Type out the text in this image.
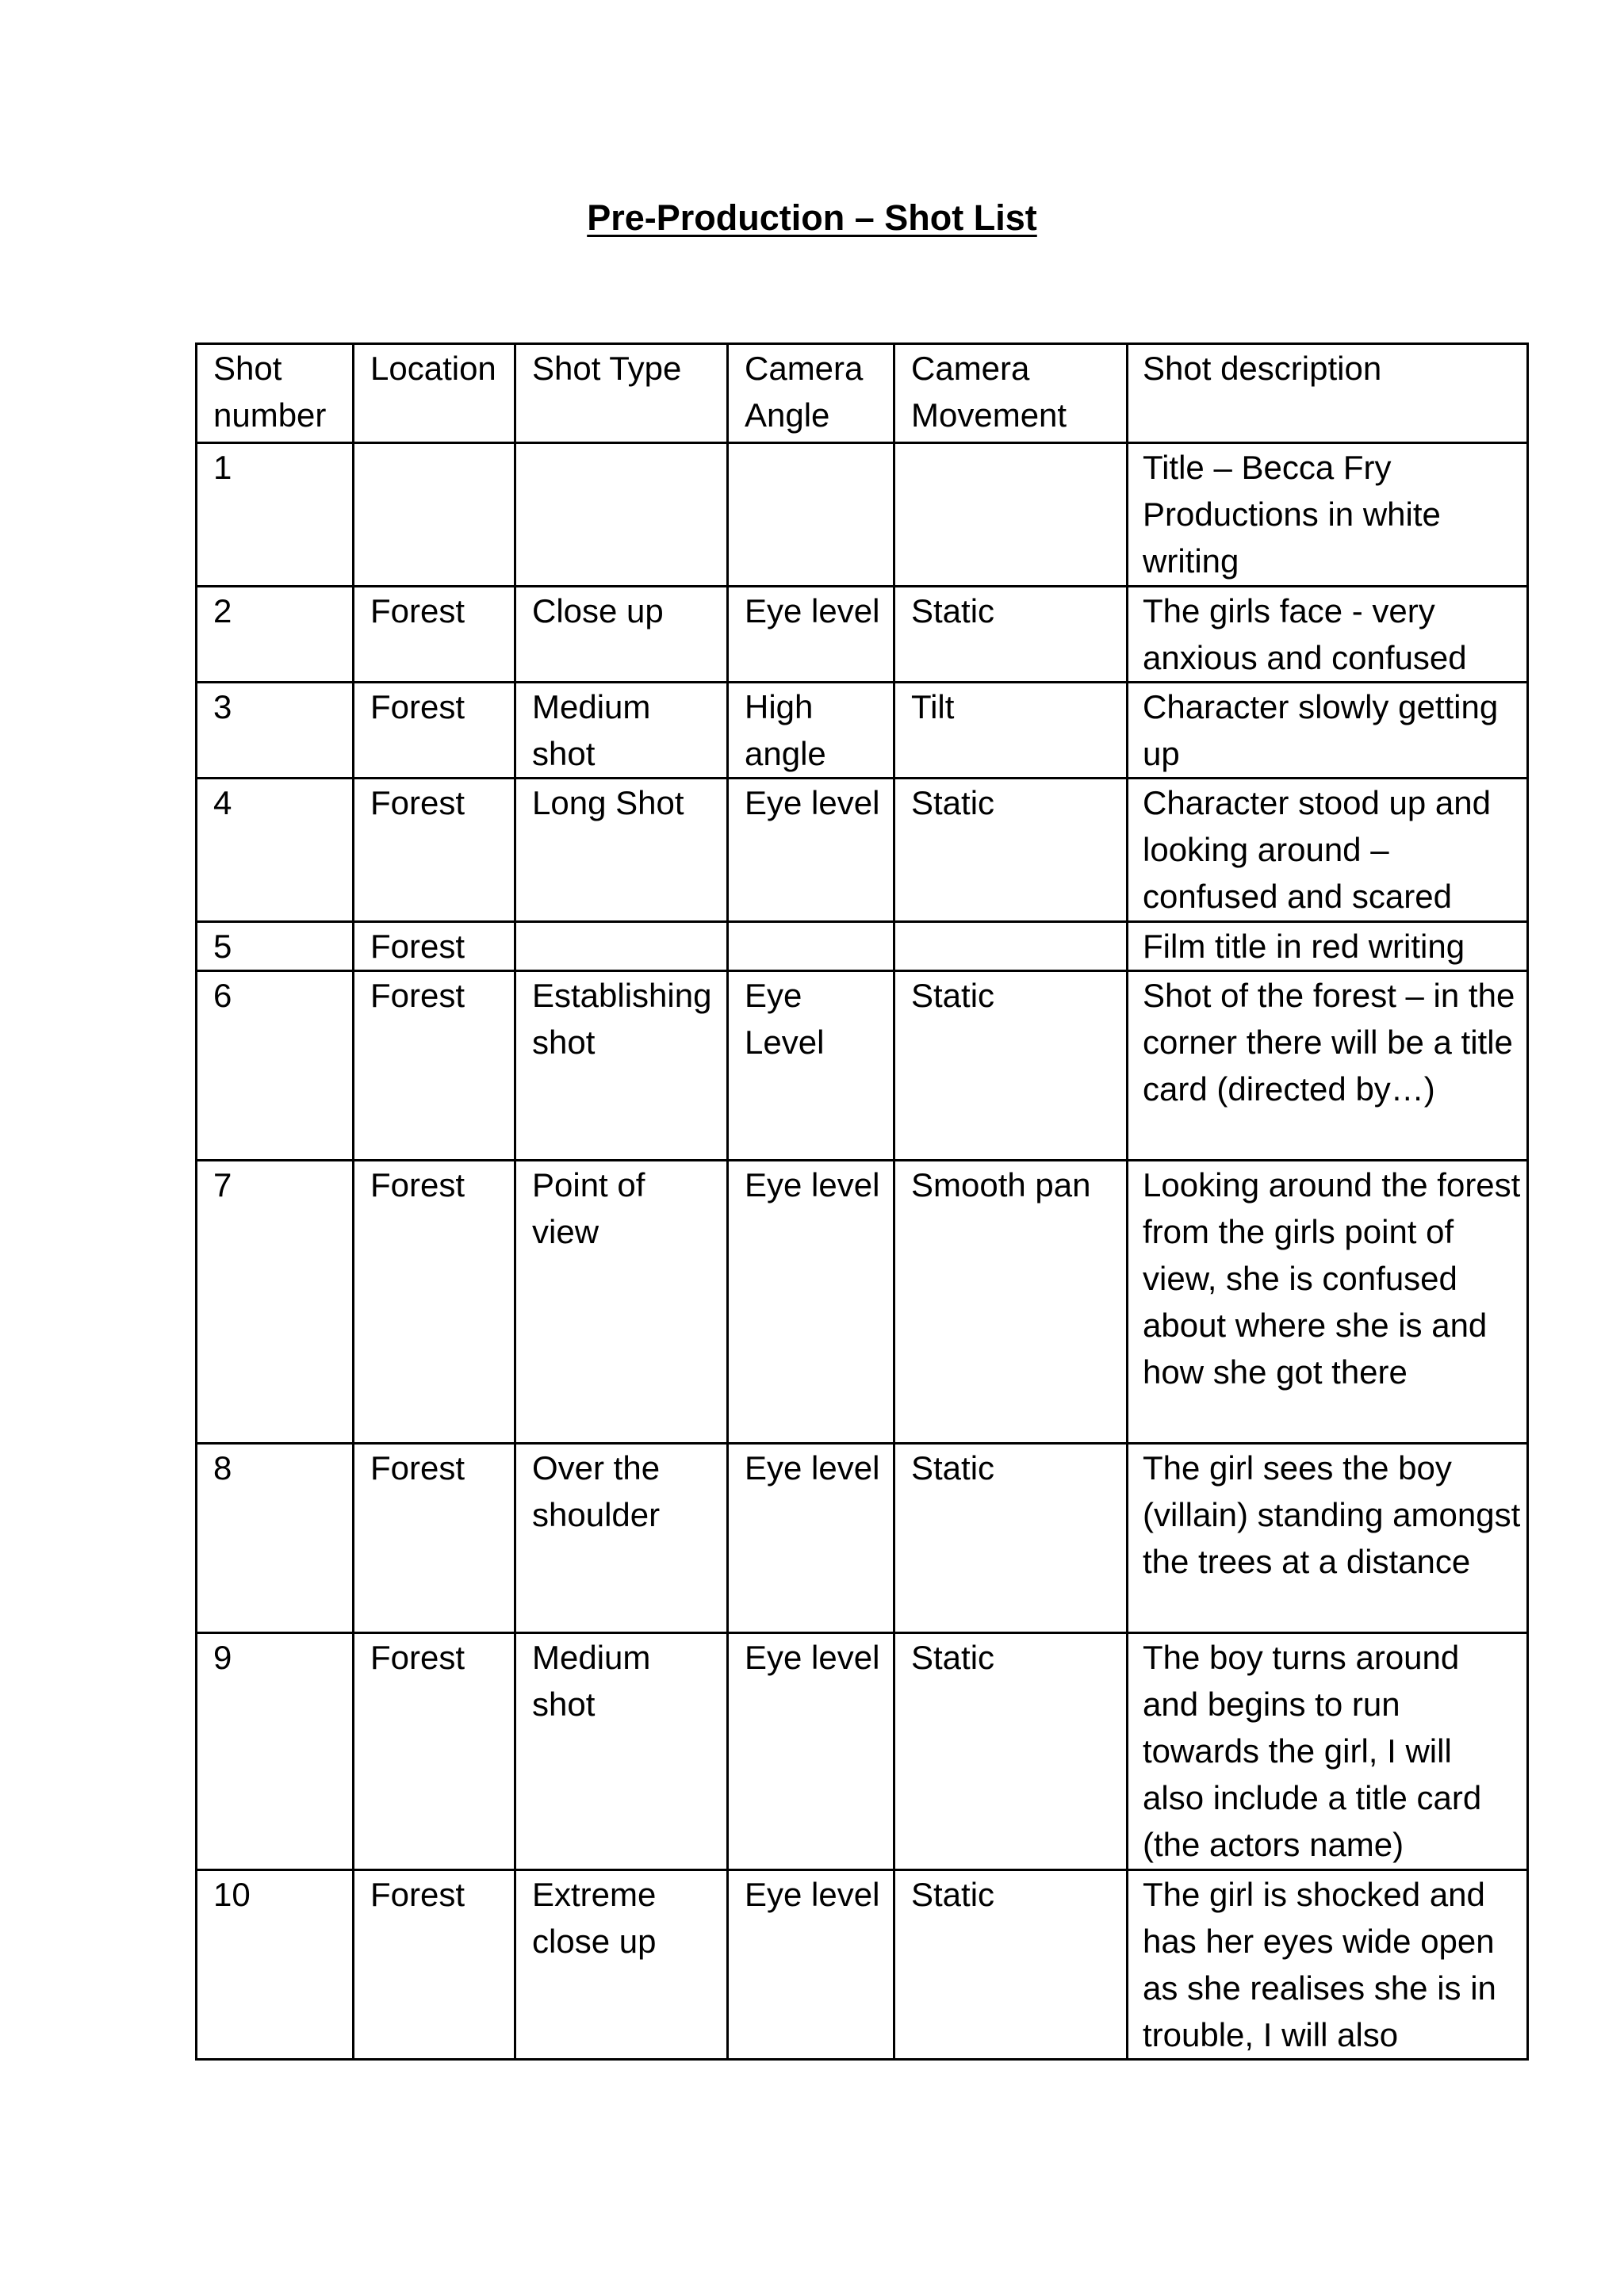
Pre-Production – Shot List
Shot number	Location	Shot Type	Camera Angle	Camera Movement	Shot description
1					Title – Becca Fry Productions in white writing
2	Forest	Close up	Eye level	Static	The girls face - very anxious and confused
3	Forest	Medium shot	High angle	Tilt	Character slowly getting up
4	Forest	Long Shot	Eye level	Static	Character stood up and looking around – confused and scared
5	Forest				Film title in red writing
6	Forest	Establishing shot	Eye Level	Static	Shot of the forest – in the corner there will be a title card (directed by…)
7	Forest	Point of view	Eye level	Smooth pan	Looking around the forest from the girls point of view, she is confused about where she is and how she got there
8	Forest	Over the shoulder	Eye level	Static	The girl sees the boy (villain) standing amongst the trees at a distance
9	Forest	Medium shot	Eye level	Static	The boy turns around and begins to run towards the girl, I will also include a title card (the actors name)
10	Forest	Extreme close up	Eye level	Static	The girl is shocked and has her eyes wide open as she realises she is in trouble, I will also
